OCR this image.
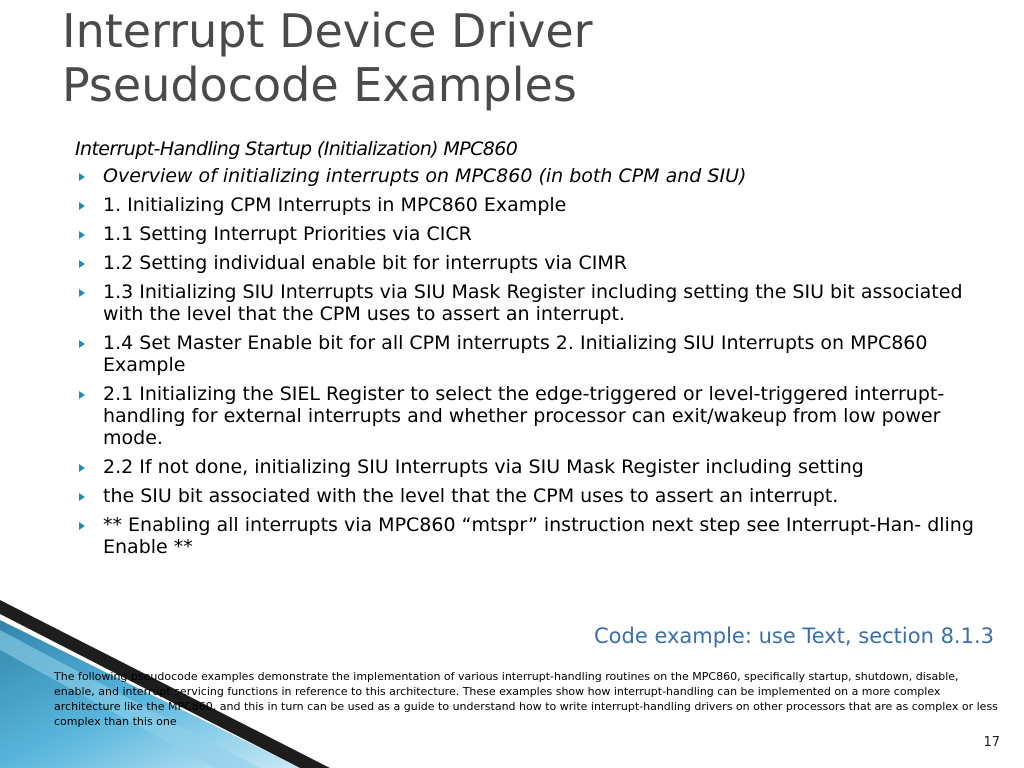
Interrupt Device Driver
Pseudocode Examples
Interrupt-Handling Startup (Initialization) MPC860
Overview of initializing interrupts on MPC860 (in both CPM and SIU)
1. Initializing CPM Interrupts in MPC860 Example
1.1 Setting Interrupt Priorities via CICR
1.2 Setting individual enable bit for interrupts via CIMR
1.3 Initializing SIU Interrupts via SIU Mask Register including setting the SIU bit associated with the level that the CPM uses to assert an interrupt.
1.4 Set Master Enable bit for all CPM interrupts 2. Initializing SIU Interrupts on MPC860 Example
2.1 Initializing the SIEL Register to select the edge-triggered or level-triggered interrupt-handling for external interrupts and whether processor can exit/wakeup from low power mode.
2.2 If not done, initializing SIU Interrupts via SIU Mask Register including setting
the SIU bit associated with the level that the CPM uses to assert an interrupt.
** Enabling all interrupts via MPC860 “mtspr” instruction next step see Interrupt-Han- dling Enable **
Code example: use Text, section 8.1.3
The following pseudocode examples demonstrate the implementation of various interrupt-handling routines on the MPC860, specifically startup, shutdown, disable, enable, and interrupt servicing functions in reference to this architecture. These examples show how interrupt-handling can be implemented on a more complex architecture like the MPC860, and this in turn can be used as a guide to understand how to write interrupt-handling drivers on other processors that are as complex or less complex than this one
17
